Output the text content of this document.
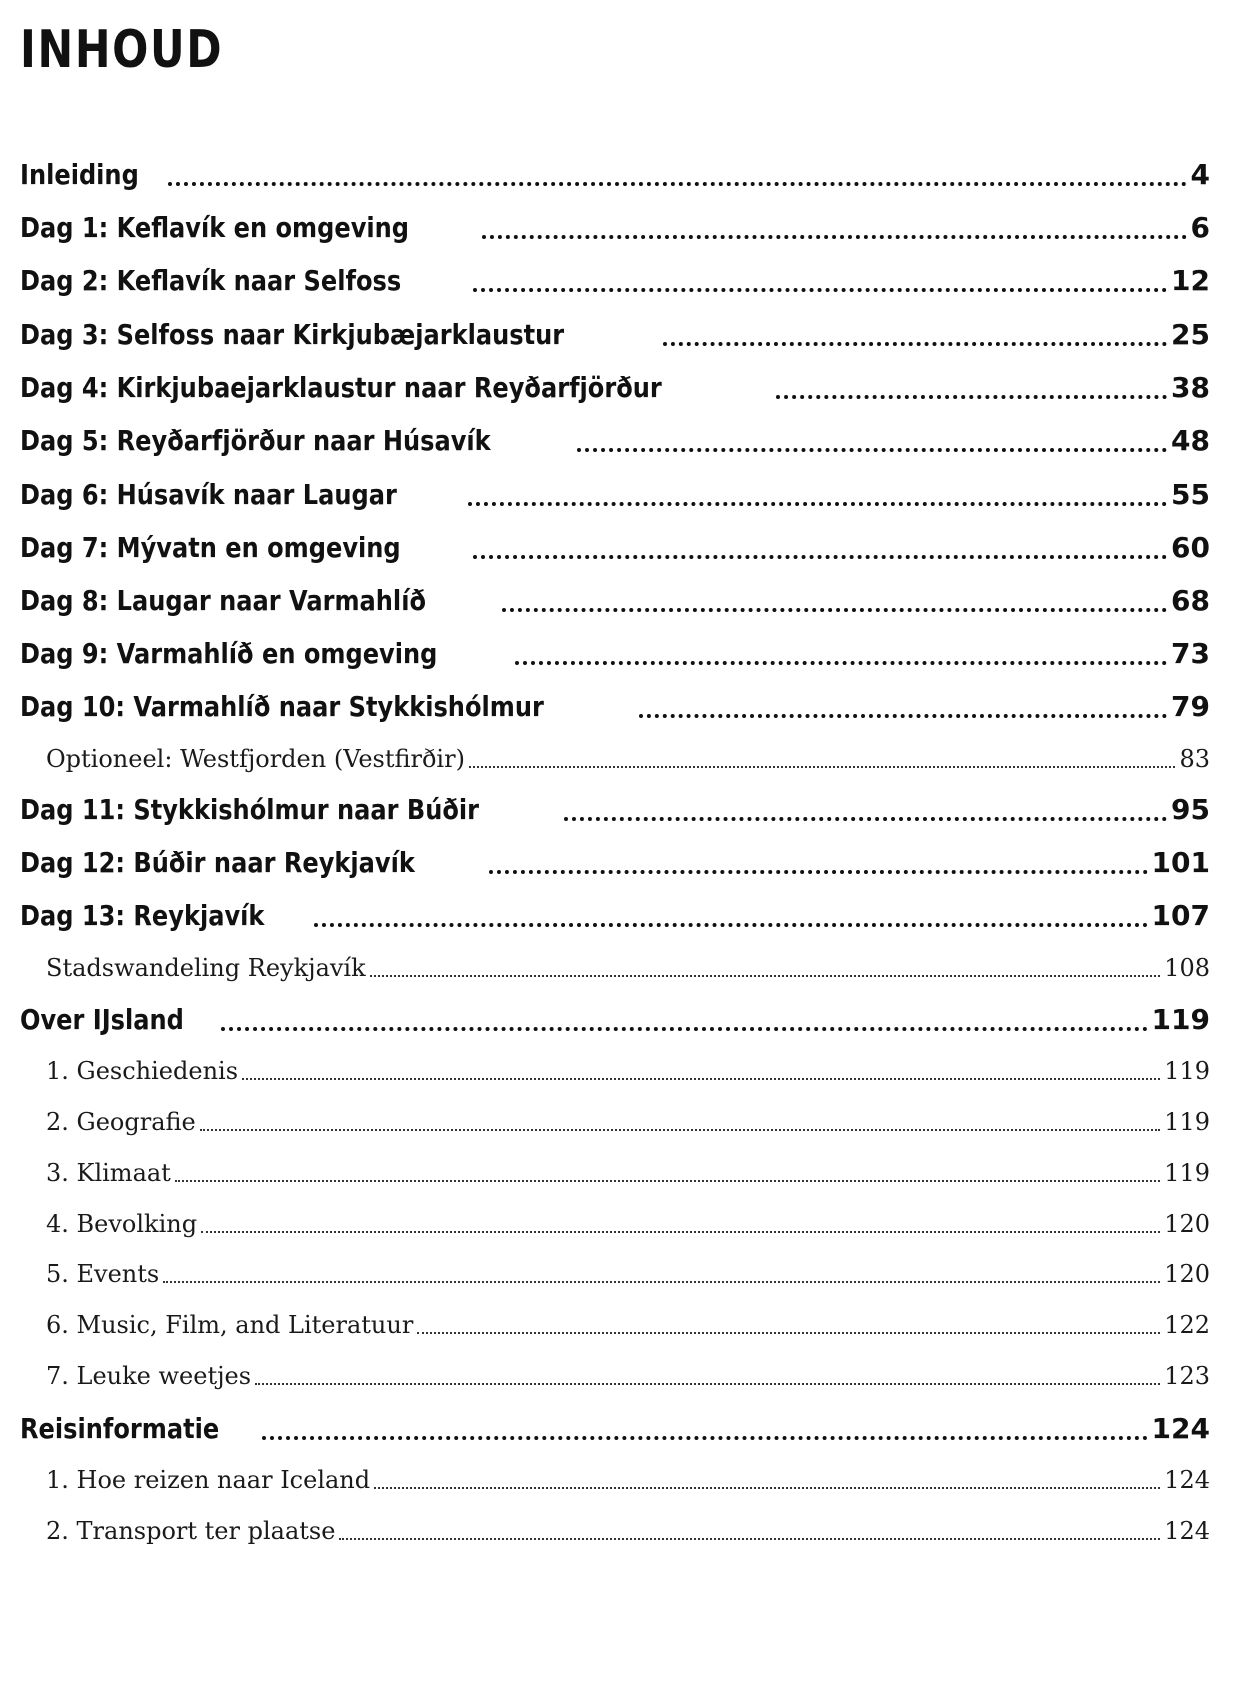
INHOUD
Inleiding	4
Dag 1: Keflavík en omgeving	6
Dag 2: Keflavík naar Selfoss	12
Dag 3: Selfoss naar Kirkjubæjarklaustur	25
Dag 4: Kirkjubaejarklaustur naar Reyðarfjörður	38
Dag 5: Reyðarfjörður naar Húsavík	48
Dag 6: Húsavík naar Laugar	55
Dag 7: Mývatn en omgeving	60
Dag 8: Laugar naar Varmahlíð	68
Dag 9: Varmahlíð en omgeving	73
Dag 10: Varmahlíð naar Stykkishólmur	79
Optioneel: Westfjorden (Vestfirðir)	83
Dag 11: Stykkishólmur naar Búðir	95
Dag 12: Búðir naar Reykjavík	101
Dag 13: Reykjavík	107
Stadswandeling Reykjavík	108
Over IJsland	119
1. Geschiedenis	119
2. Geografie	119
3. Klimaat	119
4. Bevolking	120
5. Events	120
6. Music, Film, and Literatuur	122
7. Leuke weetjes	123
Reisinformatie	124
1. Hoe reizen naar Iceland	124
2. Transport ter plaatse	124
